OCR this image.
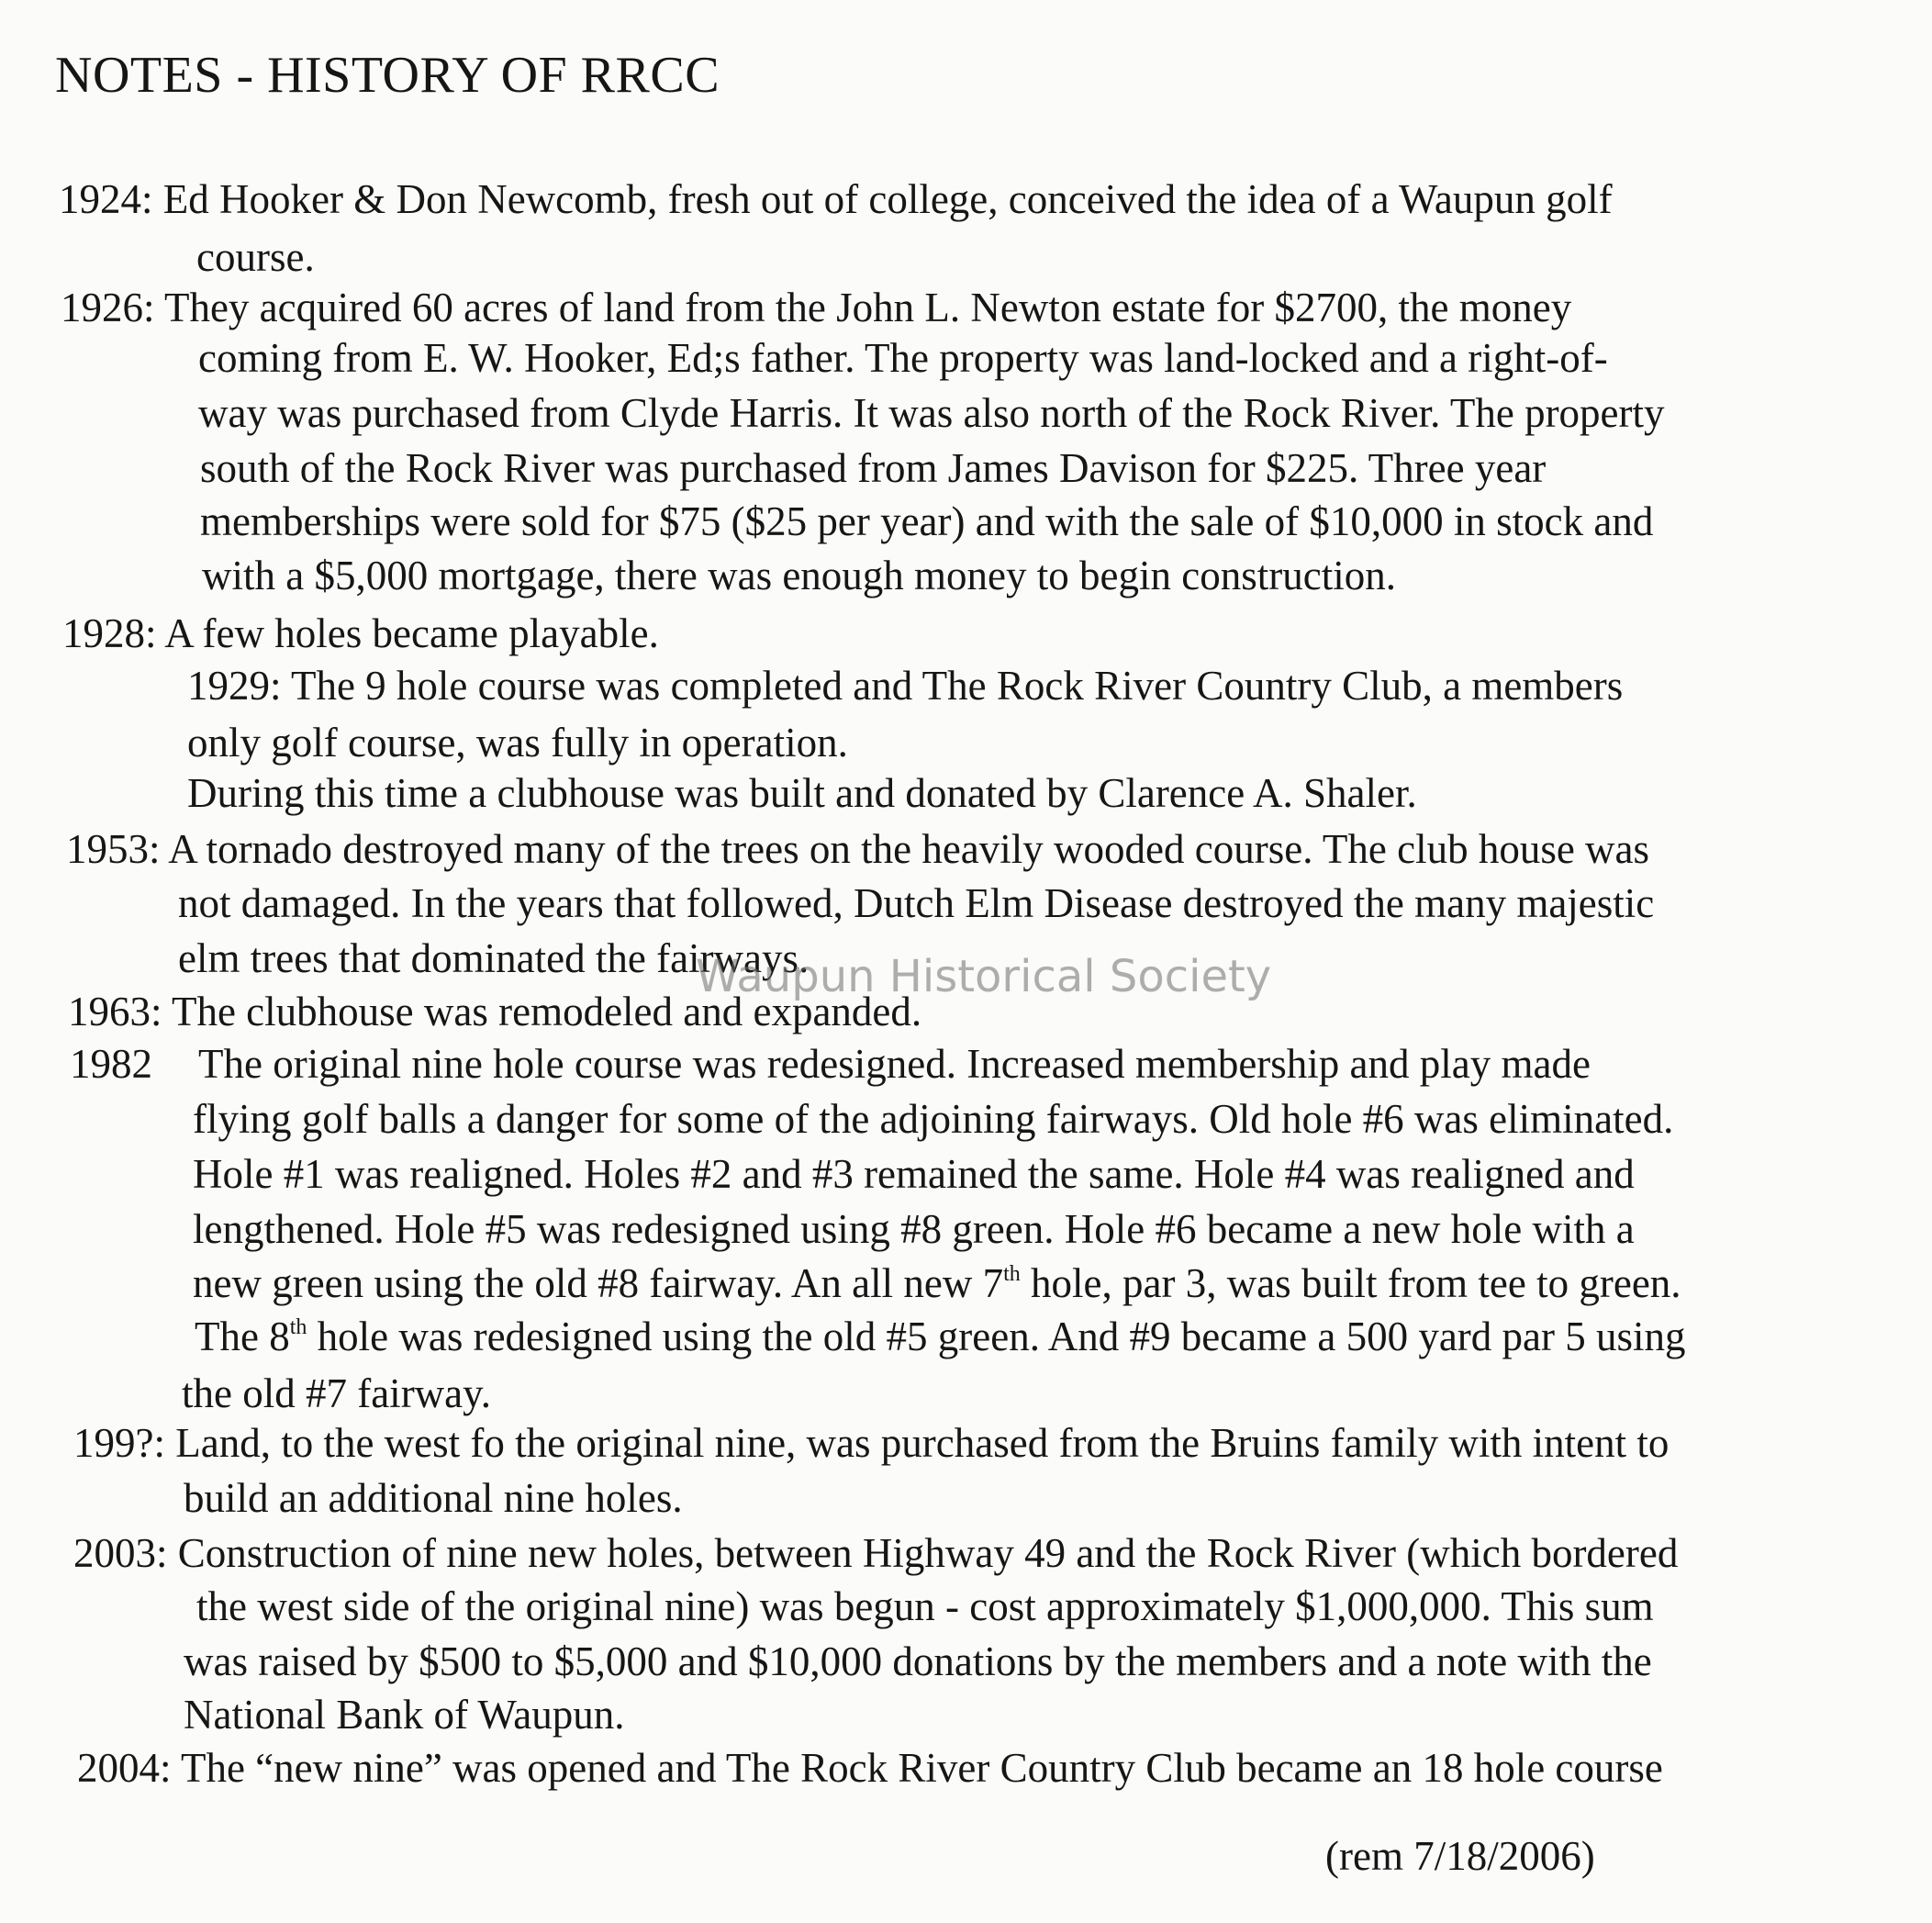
NOTES - HISTORY OF RRCC
1924: Ed Hooker & Don Newcomb, fresh out of college, conceived the idea of a Waupun golf
course.
1926: They acquired 60 acres of land from the John L. Newton estate for $2700, the money
coming from E. W. Hooker, Ed;s father. The property was land-locked and a right-of-
way was purchased from Clyde Harris. It was also north of the Rock River. The property
south of the Rock River was purchased from James Davison for $225. Three year
memberships were sold for $75 ($25 per year) and with the sale of $10,000 in stock and
with a $5,000 mortgage, there was enough money to begin construction.
1928: A few holes became playable.
1929: The 9 hole course was completed and The Rock River Country Club, a members
only golf course, was fully in operation.
During this time a clubhouse was built and donated by Clarence A. Shaler.
1953: A tornado destroyed many of the trees on the heavily wooded course. The club house was
not damaged. In the years that followed, Dutch Elm Disease destroyed the many majestic
elm trees that dominated the fairways.
Waupun Historical Society
1963: The clubhouse was remodeled and expanded.
1982 The original nine hole course was redesigned. Increased membership and play made
flying golf balls a danger for some of the adjoining fairways. Old hole #6 was eliminated.
Hole #1 was realigned. Holes #2 and #3 remained the same. Hole #4 was realigned and
lengthened. Hole #5 was redesigned using #8 green. Hole #6 became a new hole with a
new green using the old #8 fairway. An all new 7th hole, par 3, was built from tee to green.
The 8th hole was redesigned using the old #5 green. And #9 became a 500 yard par 5 using
the old #7 fairway.
199?: Land, to the west fo the original nine, was purchased from the Bruins family with intent to
build an additional nine holes.
2003: Construction of nine new holes, between Highway 49 and the Rock River (which bordered
the west side of the original nine) was begun - cost approximately $1,000,000. This sum
was raised by $500 to $5,000 and $10,000 donations by the members and a note with the
National Bank of Waupun.
2004: The “new nine” was opened and The Rock River Country Club became an 18 hole course
(rem 7/18/2006)
